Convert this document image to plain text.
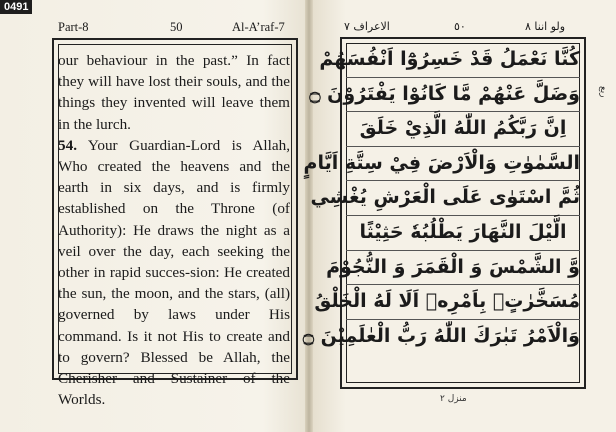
0491
Part-8	50	Al-A’raf-7

our behaviour in the past.” In fact they will have lost their souls, and the things they invented will leave them in the lurch.

54. Your Guardian-Lord is Allah, Who created the heavens and the earth in six days, and is firmly established on the Throne (of Authority): He draws the night as a veil over the day, each seeking the other in rapid succes-sion: He created the sun, the moon, and the stars, (all) governed by laws under His command. Is it not His to create and to govern? Blessed be Allah, the Cherisher and Sustainer of the Worlds.

الاعراف ٧	٥٠	ولو اننا ٨
كُنَّا نَعْمَلُ قَدْ خَسِرُوْٓا اَنْفُسَهُمْ
وَضَلَّ عَنْهُمْ مَّا كَانُوْا يَفْتَرُوْنَ ۝
اِنَّ رَبَّكُمُ اللّٰهُ الَّذِيْ خَلَقَ
السَّمٰوٰتِ وَالْاَرْضَ فِيْ سِتَّةِ اَيَّامٍ
ثُمَّ اسْتَوٰى عَلَى الْعَرْشِ يُغْشِي
الَّيْلَ النَّهَارَ يَطْلُبُهٗ حَثِيْثًا
وَّ الشَّمْسَ وَ الْقَمَرَ وَ النُّجُوْمَ
مُسَخَّرٰتٍۭ بِاَمْرِهٖ اَلَا لَهُ الْخَلْقُ
وَالْاَمْرُ تَبٰرَكَ اللّٰهُ رَبُّ الْعٰلَمِيْنَ ۝
ربع
منزل ٢
